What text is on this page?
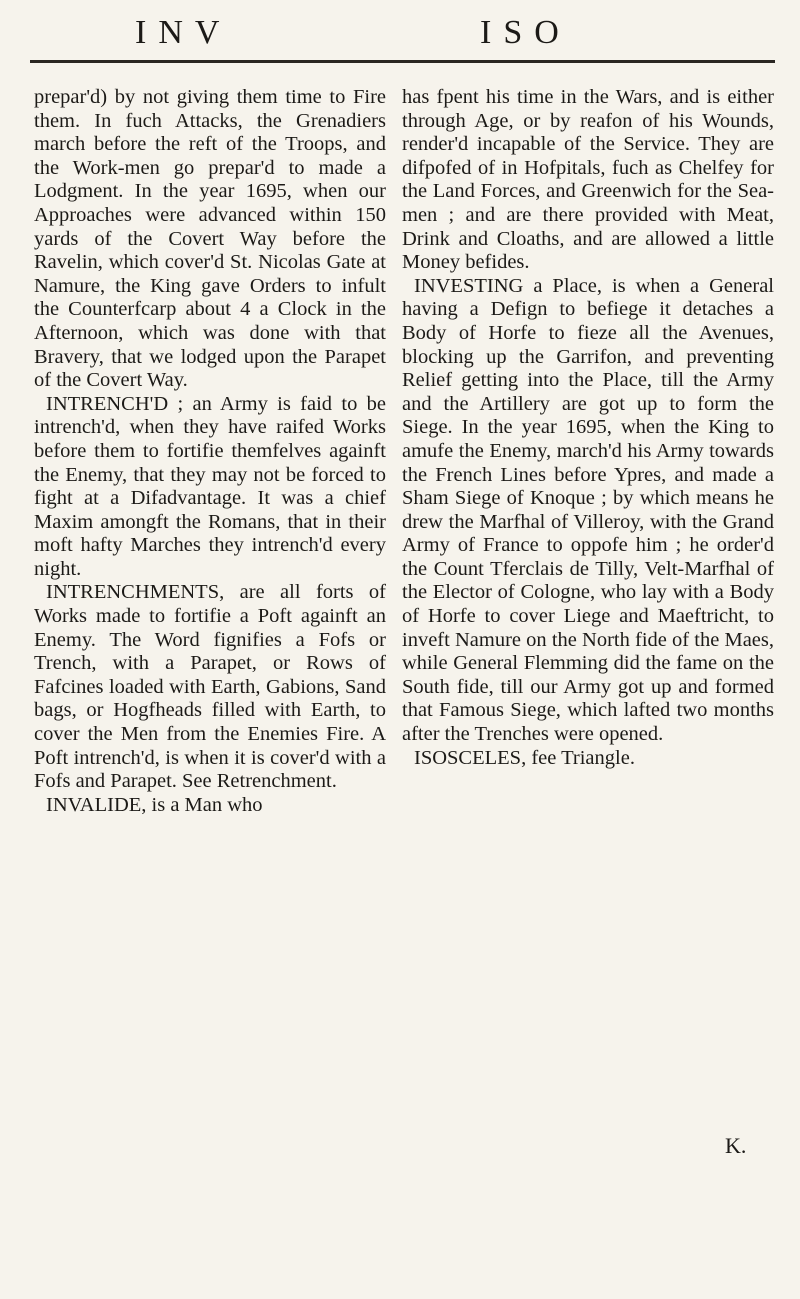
INV	ISO

prepar'd) by not giving them time to Fire them. In fuch Attacks, the Grenadiers march before the reft of the Troops, and the Work-men go prepar'd to made a Lodgment. In the year 1695, when our Approaches were advanced within 150 yards of the Covert Way before the Ravelin, which cover'd St. Nicolas Gate at Namure, the King gave Orders to infult the Counterfcarp about 4 a Clock in the Afternoon, which was done with that Bravery, that we lodged upon the Parapet of the Covert Way.

INTRENCH'D ; an Army is faid to be intrench'd, when they have raifed Works before them to fortifie themfelves againft the Enemy, that they may not be forced to fight at a Difadvantage. It was a chief Maxim amongft the Romans, that in their moft hafty Marches they intrench'd every night.

INTRENCHMENTS, are all forts of Works made to fortifie a Poft againft an Enemy. The Word fignifies a Fofs or Trench, with a Parapet, or Rows of Fafcines loaded with Earth, Gabions, Sand bags, or Hogfheads filled with Earth, to cover the Men from the Enemies Fire. A Poft intrench'd, is when it is cover'd with a Fofs and Parapet. See Retrenchment.

INVALIDE, is a Man who

has fpent his time in the Wars, and is either through Age, or by reafon of his Wounds, render'd incapable of the Service. They are difpofed of in Hofpitals, fuch as Chelfey for the Land Forces, and Greenwich for the Sea-men ; and are there provided with Meat, Drink and Cloaths, and are allowed a little Money befides.

INVESTING a Place, is when a General having a Defign to befiege it detaches a Body of Horfe to fieze all the Avenues, blocking up the Garrifon, and preventing Relief getting into the Place, till the Army and the Artillery are got up to form the Siege. In the year 1695, when the King to amufe the Enemy, march'd his Army towards the French Lines before Ypres, and made a Sham Siege of Knoque ; by which means he drew the Marfhal of Villeroy, with the Grand Army of France to oppofe him ; he order'd the Count Tferclais de Tilly, Velt-Marfhal of the Elector of Cologne, who lay with a Body of Horfe to cover Liege and Maeftricht, to inveft Namure on the North fide of the Maes, while General Flemming did the fame on the South fide, till our Army got up and formed that Famous Siege, which lafted two months after the Trenches were opened.

ISOSCELES, fee Triangle.

K.
